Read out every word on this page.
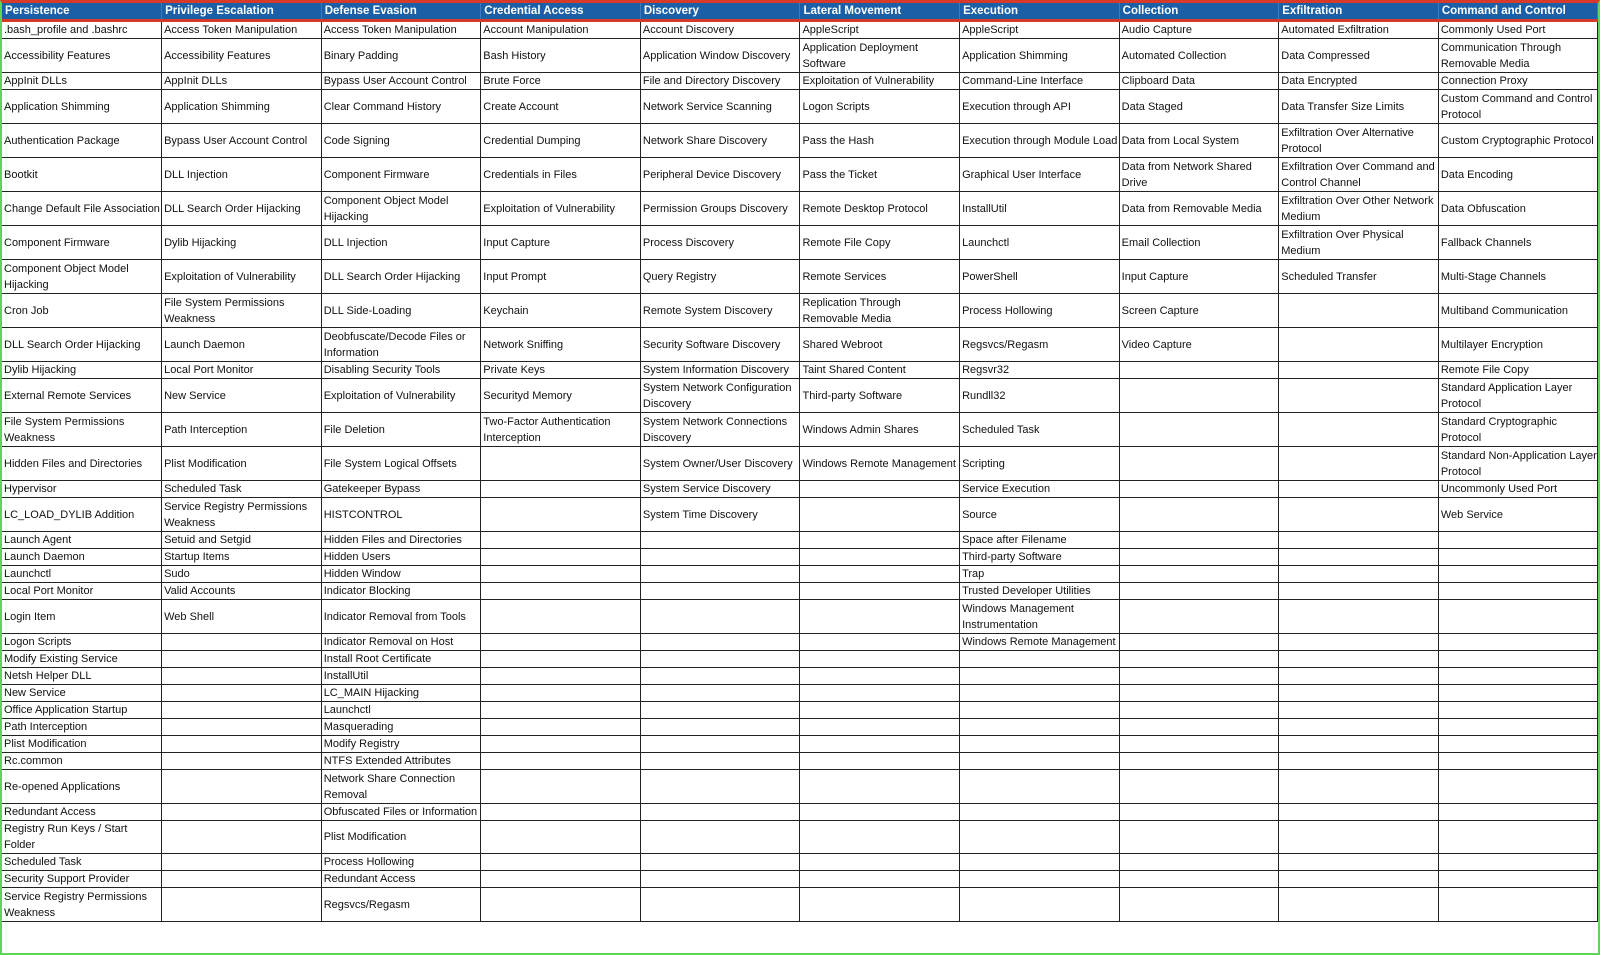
Persistence	Privilege Escalation	Defense Evasion	Credential Access	Discovery	Lateral Movement	Execution	Collection	Exfiltration	Command and Control
.bash_profile and .bashrc	Access Token Manipulation	Access Token Manipulation	Account Manipulation	Account Discovery	AppleScript	AppleScript	Audio Capture	Automated Exfiltration	Commonly Used Port
Accessibility Features	Accessibility Features	Binary Padding	Bash History	Application Window Discovery	Application Deployment Software	Application Shimming	Automated Collection	Data Compressed	Communication Through Removable Media
AppInit DLLs	AppInit DLLs	Bypass User Account Control	Brute Force	File and Directory Discovery	Exploitation of Vulnerability	Command-Line Interface	Clipboard Data	Data Encrypted	Connection Proxy
Application Shimming	Application Shimming	Clear Command History	Create Account	Network Service Scanning	Logon Scripts	Execution through API	Data Staged	Data Transfer Size Limits	Custom Command and Control Protocol
Authentication Package	Bypass User Account Control	Code Signing	Credential Dumping	Network Share Discovery	Pass the Hash	Execution through Module Load	Data from Local System	Exfiltration Over Alternative Protocol	Custom Cryptographic Protocol
Bootkit	DLL Injection	Component Firmware	Credentials in Files	Peripheral Device Discovery	Pass the Ticket	Graphical User Interface	Data from Network Shared Drive	Exfiltration Over Command and Control Channel	Data Encoding
Change Default File Association	DLL Search Order Hijacking	Component Object Model Hijacking	Exploitation of Vulnerability	Permission Groups Discovery	Remote Desktop Protocol	InstallUtil	Data from Removable Media	Exfiltration Over Other Network Medium	Data Obfuscation
Component Firmware	Dylib Hijacking	DLL Injection	Input Capture	Process Discovery	Remote File Copy	Launchctl	Email Collection	Exfiltration Over Physical Medium	Fallback Channels
Component Object Model Hijacking	Exploitation of Vulnerability	DLL Search Order Hijacking	Input Prompt	Query Registry	Remote Services	PowerShell	Input Capture	Scheduled Transfer	Multi-Stage Channels
Cron Job	File System Permissions Weakness	DLL Side-Loading	Keychain	Remote System Discovery	Replication Through Removable Media	Process Hollowing	Screen Capture		Multiband Communication
DLL Search Order Hijacking	Launch Daemon	Deobfuscate/Decode Files or Information	Network Sniffing	Security Software Discovery	Shared Webroot	Regsvcs/Regasm	Video Capture		Multilayer Encryption
Dylib Hijacking	Local Port Monitor	Disabling Security Tools	Private Keys	System Information Discovery	Taint Shared Content	Regsvr32			Remote File Copy
External Remote Services	New Service	Exploitation of Vulnerability	Securityd Memory	System Network Configuration Discovery	Third-party Software	Rundll32			Standard Application Layer Protocol
File System Permissions Weakness	Path Interception	File Deletion	Two-Factor Authentication Interception	System Network Connections Discovery	Windows Admin Shares	Scheduled Task			Standard Cryptographic Protocol
Hidden Files and Directories	Plist Modification	File System Logical Offsets		System Owner/User Discovery	Windows Remote Management	Scripting			Standard Non-Application Layer Protocol
Hypervisor	Scheduled Task	Gatekeeper Bypass		System Service Discovery		Service Execution			Uncommonly Used Port
LC_LOAD_DYLIB Addition	Service Registry Permissions Weakness	HISTCONTROL		System Time Discovery		Source			Web Service
Launch Agent	Setuid and Setgid	Hidden Files and Directories				Space after Filename			
Launch Daemon	Startup Items	Hidden Users				Third-party Software			
Launchctl	Sudo	Hidden Window				Trap			
Local Port Monitor	Valid Accounts	Indicator Blocking				Trusted Developer Utilities			
Login Item	Web Shell	Indicator Removal from Tools				Windows Management Instrumentation			
Logon Scripts		Indicator Removal on Host				Windows Remote Management			
Modify Existing Service		Install Root Certificate							
Netsh Helper DLL		InstallUtil							
New Service		LC_MAIN Hijacking							
Office Application Startup		Launchctl							
Path Interception		Masquerading							
Plist Modification		Modify Registry							
Rc.common		NTFS Extended Attributes							
Re-opened Applications		Network Share Connection Removal							
Redundant Access		Obfuscated Files or Information							
Registry Run Keys / Start Folder		Plist Modification							
Scheduled Task		Process Hollowing							
Security Support Provider		Redundant Access							
Service Registry Permissions Weakness		Regsvcs/Regasm							
